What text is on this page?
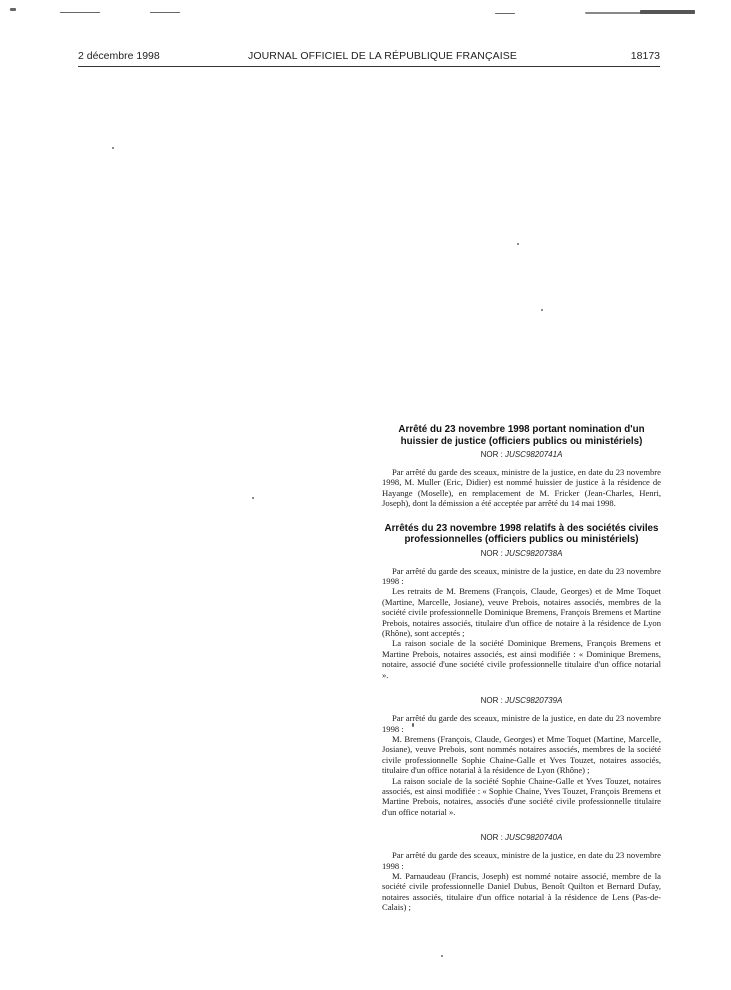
2 décembre 1998	JOURNAL OFFICIEL DE LA RÉPUBLIQUE FRANÇAISE	18173
Arrêté du 23 novembre 1998 portant nomination d'un huissier de justice (officiers publics ou ministériels)
NOR : JUSC9820741A

Par arrêté du garde des sceaux, ministre de la justice, en date du 23 novembre 1998, M. Muller (Eric, Didier) est nommé huissier de justice à la résidence de Hayange (Moselle), en remplacement de M. Fricker (Jean-Charles, Henri, Joseph), dont la démission a été acceptée par arrêté du 14 mai 1998.

Arrêtés du 23 novembre 1998 relatifs à des sociétés civiles professionnelles (officiers publics ou ministériels)
NOR : JUSC9820738A

Par arrêté du garde des sceaux, ministre de la justice, en date du 23 novembre 1998 :

Les retraits de M. Bremens (François, Claude, Georges) et de Mme Toquet (Martine, Marcelle, Josiane), veuve Prebois, notaires associés, membres de la société civile professionnelle Dominique Bremens, François Bremens et Martine Prebois, notaires associés, titulaire d'un office de notaire à la résidence de Lyon (Rhône), sont acceptés ;

La raison sociale de la société Dominique Bremens, François Bremens et Martine Prebois, notaires associés, est ainsi modifiée : « Dominique Bremens, notaire, associé d'une société civile professionnelle titulaire d'un office notarial ».

NOR : JUSC9820739A

Par arrêté du garde des sceaux, ministre de la justice, en date du 23 novembre 1998 :

M. Bremens (François, Claude, Georges) et Mme Toquet (Martine, Marcelle, Josiane), veuve Prebois, sont nommés notaires associés, membres de la société civile professionnelle Sophie Chaine-Galle et Yves Touzet, notaires associés, titulaire d'un office notarial à la résidence de Lyon (Rhône) ;

La raison sociale de la société Sophie Chaine-Galle et Yves Touzet, notaires associés, est ainsi modifiée : « Sophie Chaine, Yves Touzet, François Bremens et Martine Prebois, notaires, associés d'une société civile professionnelle titulaire d'un office notarial ».

NOR : JUSC9820740A

Par arrêté du garde des sceaux, ministre de la justice, en date du 23 novembre 1998 :

M. Parnaudeau (Francis, Joseph) est nommé notaire associé, membre de la société civile professionnelle Daniel Dubus, Benoît Quilton et Bernard Dufay, notaires associés, titulaire d'un office notarial à la résidence de Lens (Pas-de-Calais) ;
